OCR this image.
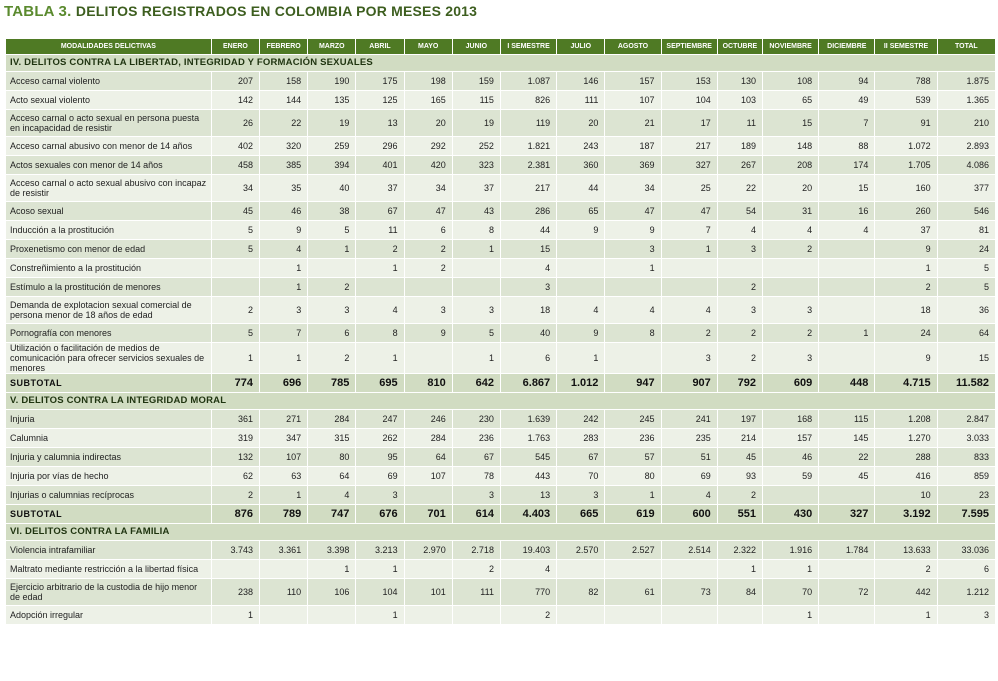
TABLA 3. DELITOS REGISTRADOS EN COLOMBIA POR MESES 2013
MODALIDADES DELICTIVAS	ENERO	FEBRERO	MARZO	ABRIL	MAYO	JUNIO	I SEMESTRE	JULIO	AGOSTO	SEPTIEMBRE	OCTUBRE	NOVIEMBRE	DICIEMBRE	II SEMESTRE	TOTAL
IV. DELITOS CONTRA LA LIBERTAD, INTEGRIDAD Y FORMACIÓN SEXUALES															
Acceso carnal violento	207	158	190	175	198	159	1.087	146	157	153	130	108	94	788	1.875
Acto sexual violento	142	144	135	125	165	115	826	111	107	104	103	65	49	539	1.365
Acceso carnal o acto sexual en persona puesta en incapacidad de resistir	26	22	19	13	20	19	119	20	21	17	11	15	7	91	210
Acceso carnal abusivo con menor de 14 años	402	320	259	296	292	252	1.821	243	187	217	189	148	88	1.072	2.893
Actos sexuales con menor de 14 años	458	385	394	401	420	323	2.381	360	369	327	267	208	174	1.705	4.086
Acceso carnal o acto sexual abusivo con incapaz de resistir	34	35	40	37	34	37	217	44	34	25	22	20	15	160	377
Acoso sexual	45	46	38	67	47	43	286	65	47	47	54	31	16	260	546
Inducción a la prostitución	5	9	5	11	6	8	44	9	9	7	4	4	4	37	81
Proxenetismo con menor de edad	5	4	1	2	2	1	15		3	1	3	2		9	24
Constreñimiento a la prostitución		1		1	2		4		1					1	5
Estímulo a la prostitución de menores		1	2				3				2			2	5
Demanda de explotacion sexual comercial de persona menor de 18 años de edad	2	3	3	4	3	3	18	4	4	4	3	3		18	36
Pornografía con menores	5	7	6	8	9	5	40	9	8	2	2	2	1	24	64
Utilización o facilitación de medios de comunicación para ofrecer servicios sexuales de menores	1	1	2	1		1	6	1		3	2	3		9	15
SUBTOTAL	774	696	785	695	810	642	6.867	1.012	947	907	792	609	448	4.715	11.582
V. DELITOS CONTRA LA INTEGRIDAD MORAL															
Injuria	361	271	284	247	246	230	1.639	242	245	241	197	168	115	1.208	2.847
Calumnia	319	347	315	262	284	236	1.763	283	236	235	214	157	145	1.270	3.033
Injuria y calumnia indirectas	132	107	80	95	64	67	545	67	57	51	45	46	22	288	833
Injuria por vías de hecho	62	63	64	69	107	78	443	70	80	69	93	59	45	416	859
Injurias o calumnias recíprocas	2	1	4	3		3	13	3	1	4	2			10	23
SUBTOTAL	876	789	747	676	701	614	4.403	665	619	600	551	430	327	3.192	7.595
VI. DELITOS CONTRA LA FAMILIA															
Violencia intrafamiliar	3.743	3.361	3.398	3.213	2.970	2.718	19.403	2.570	2.527	2.514	2.322	1.916	1.784	13.633	33.036
Maltrato mediante restricción a la libertad física			1	1		2	4				1	1		2	6
Ejercicio arbitrario de la custodia de hijo menor de edad	238	110	106	104	101	111	770	82	61	73	84	70	72	442	1.212
Adopción irregular	1			1			2					1		1	3
